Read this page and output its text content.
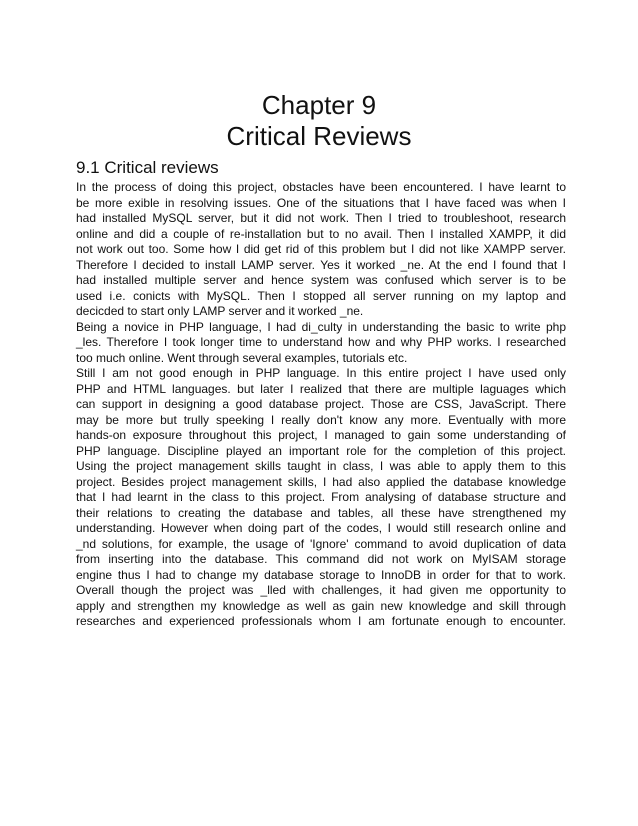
Chapter 9
Critical Reviews
9.1 Critical reviews
In the process of doing this project, obstacles have been encountered. I have learnt to
be more exible in resolving issues. One of the situations that I have faced was when I
had installed MySQL server, but it did not work. Then I tried to troubleshoot, research
online and did a couple of re-installation but to no avail. Then I installed XAMPP, it did
not work out too. Some how I did get rid of this problem but I did not like XAMPP server.
Therefore I decided to install LAMP server. Yes it worked _ne. At the end I found that I
had installed multiple server and hence system was confused which server is to be
used i.e. conicts with MySQL. Then I stopped all server running on my laptop and
decicded to start only LAMP server and it worked _ne.
Being a novice in PHP language, I had di_culty in understanding the basic to write php
_les. Therefore I took longer time to understand how and why PHP works. I researched
too much online. Went through several examples, tutorials etc.
Still I am not good enough in PHP language. In this entire project I have used only
PHP and HTML languages. but later I realized that there are multiple laguages which
can support in designing a good database project. Those are CSS, JavaScript. There
may be more but trully speeking I really don't know any more. Eventually with more
hands-on exposure throughout this project, I managed to gain some understanding of
PHP language. Discipline played an important role for the completion of this project.
Using the project management skills taught in class, I was able to apply them to this
project. Besides project management skills, I had also applied the database knowledge
that I had learnt in the class to this project. From analysing of database structure and
their relations to creating the database and tables, all these have strengthened my
understanding. However when doing part of the codes, I would still research online and
_nd solutions, for example, the usage of 'Ignore' command to avoid duplication of data
from inserting into the database. This command did not work on MyISAM storage
engine thus I had to change my database storage to InnoDB in order for that to work.
Overall though the project was _lled with challenges, it had given me opportunity to
apply and strengthen my knowledge as well as gain new knowledge and skill through
researches and experienced professionals whom I am fortunate enough to encounter.
